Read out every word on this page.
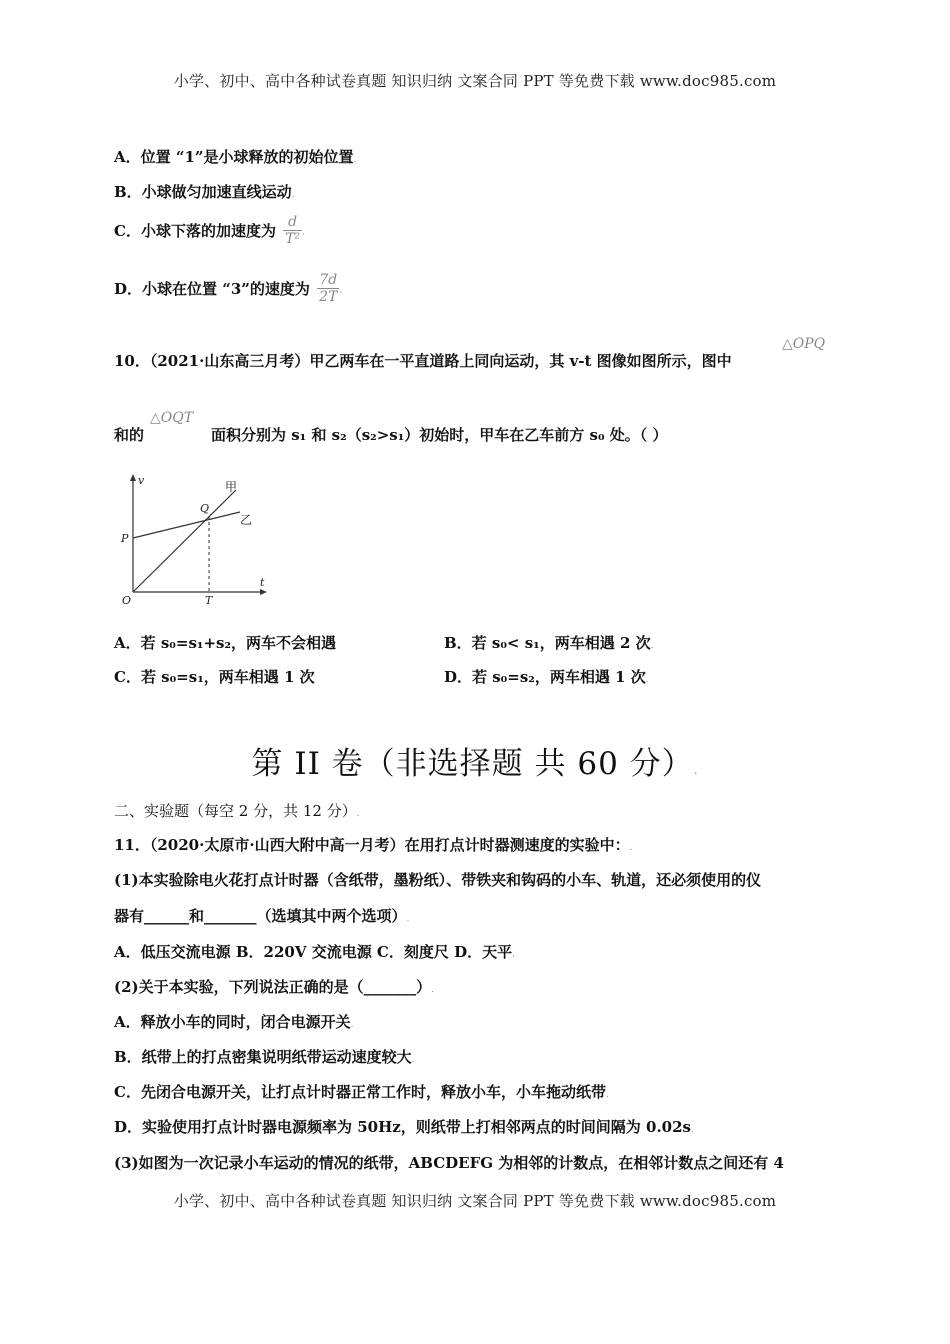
小学、初中、高中各种试卷真题 知识归纳 文案合同 PPT 等免费下载 www.doc985.com
A．位置 “1”是小球释放的初始位置.
B．小球做匀加速直线运动.
C．小球下落的加速度为 $\frac{d}{\text{T²}}$ .
D．小球在位置 “3”的速度为 $\frac{7d}{2T}$ .
10．（2021·山东高三月考）甲乙两车在一平直道路上同向运动，其 v-t 图像如图所示，图中
△OPQ
和的
△OQT
面积分别为 s₁ 和 s₂（s₂>s₁）初始时，甲车在乙车前方 s₀ 处。（ ）
v
t
O
P
Q
T
甲
乙
A．若 s₀=s₁+s₂，两车不会相遇	B．若 s₀< s₁，两车相遇 2 次.
C．若 s₀=s₁，两车相遇 1 次	D．若 s₀=s₂，两车相遇 1 次.
第 II 卷（非选择题 共 60 分）.
二、实验题（每空 2 分，共 12 分）.
11．（2020·太原市·山西大附中高一月考）在用打点计时器测速度的实验中：.
(1)本实验除电火花打点计时器（含纸带，墨粉纸）、带铁夹和钩码的小车、轨道，还必须使用的仪
器有______和_______（选填其中两个选项）.
A．低压交流电源 B．220V 交流电源 C．刻度尺 D．天平.
(2)关于本实验，下列说法正确的是（_______）.
A．释放小车的同时，闭合电源开关.
B．纸带上的打点密集说明纸带运动速度较大.
C．先闭合电源开关，让打点计时器正常工作时，释放小车，小车拖动纸带.
D．实验使用打点计时器电源频率为 50Hz，则纸带上打相邻两点的时间间隔为 0.02s.
(3)如图为一次记录小车运动的情况的纸带，ABCDEFG 为相邻的计数点，在相邻计数点之间还有 4
小学、初中、高中各种试卷真题 知识归纳 文案合同 PPT 等免费下载 www.doc985.com
